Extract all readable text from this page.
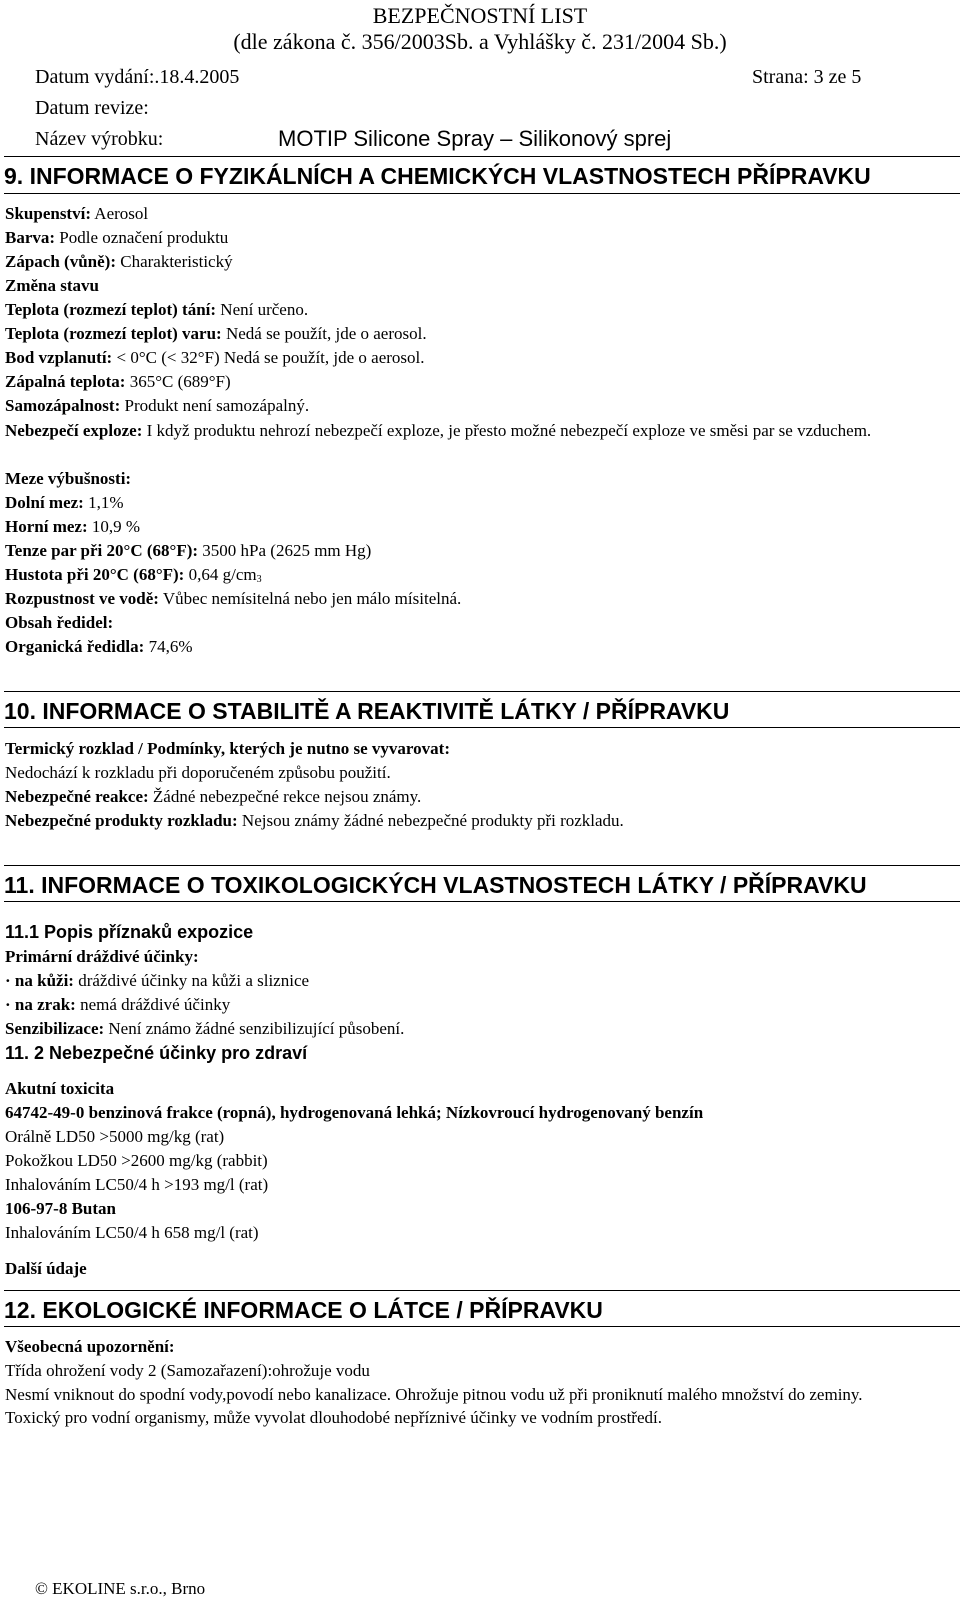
BEZPEČNOSTNÍ LIST
(dle zákona č. 356/2003Sb. a Vyhlášky č. 231/2004 Sb.)
Datum vydání:.18.4.2005	Strana: 3 ze 5
Datum revize:
Název výrobku:	MOTIP Silicone Spray – Silikonový sprej
9. INFORMACE O FYZIKÁLNÍCH A CHEMICKÝCH VLASTNOSTECH PŘÍPRAVKU
Skupenství: Aerosol
Barva: Podle označení produktu
Zápach (vůně): Charakteristický
Změna stavu
Teplota (rozmezí teplot) tání: Není určeno.
Teplota (rozmezí teplot) varu: Nedá se použít, jde o aerosol.
Bod vzplanutí: < 0°C (< 32°F) Nedá se použít, jde o aerosol.
Zápalná teplota: 365°C (689°F)
Samozápalnost: Produkt není samozápalný.
Nebezpečí exploze: I když produktu nehrozí nebezpečí exploze, je přesto možné nebezpečí exploze ve směsi par se vzduchem.
Meze výbušnosti:
Dolní mez: 1,1%
Horní mez: 10,9 %
Tenze par při 20°C (68°F): 3500 hPa (2625 mm Hg)
Hustota při 20°C (68°F): 0,64 $g/cm_3$
Rozpustnost ve vodě: Vůbec nemísitelná nebo jen málo mísitelná.
Obsah ředidel:
Organická ředidla: 74,6%
10. INFORMACE O STABILITĚ A REAKTIVITĚ LÁTKY / PŘÍPRAVKU
Termický rozklad / Podmínky, kterých je nutno se vyvarovat:
Nedochází k rozkladu při doporučeném způsobu použití.
Nebezpečné reakce: Žádné nebezpečné rekce nejsou známy.
Nebezpečné produkty rozkladu: Nejsou známy žádné nebezpečné produkty při rozkladu.
11. INFORMACE O TOXIKOLOGICKÝCH VLASTNOSTECH LÁTKY / PŘÍPRAVKU
11.1 Popis příznaků expozice
Primární dráždivé účinky:
· na kůži: dráždivé účinky na kůži a sliznice
· na zrak: nemá dráždivé účinky
Senzibilizace: Není známo žádné senzibilizující působení.
11. 2 Nebezpečné účinky pro zdraví
Akutní toxicita
64742-49-0 benzinová frakce (ropná), hydrogenovaná lehká; Nízkovroucí hydrogenovaný benzín
Orálně LD50 >5000 mg/kg (rat)
Pokožkou LD50 >2600 mg/kg (rabbit)
Inhalováním LC50/4 h >193 mg/l (rat)
106-97-8 Butan
Inhalováním LC50/4 h 658 mg/l (rat)
Další údaje
12. EKOLOGICKÉ INFORMACE O LÁTCE / PŘÍPRAVKU
Všeobecná upozornění:
Třída ohrožení vody 2 (Samozařazení):ohrožuje vodu
Nesmí vniknout do spodní vody,povodí nebo kanalizace. Ohrožuje pitnou vodu už při proniknutí malého množství do zeminy. Toxický pro vodní organismy, může vyvolat dlouhodobé nepříznivé účinky ve vodním prostředí.
© EKOLINE s.r.o., Brno
